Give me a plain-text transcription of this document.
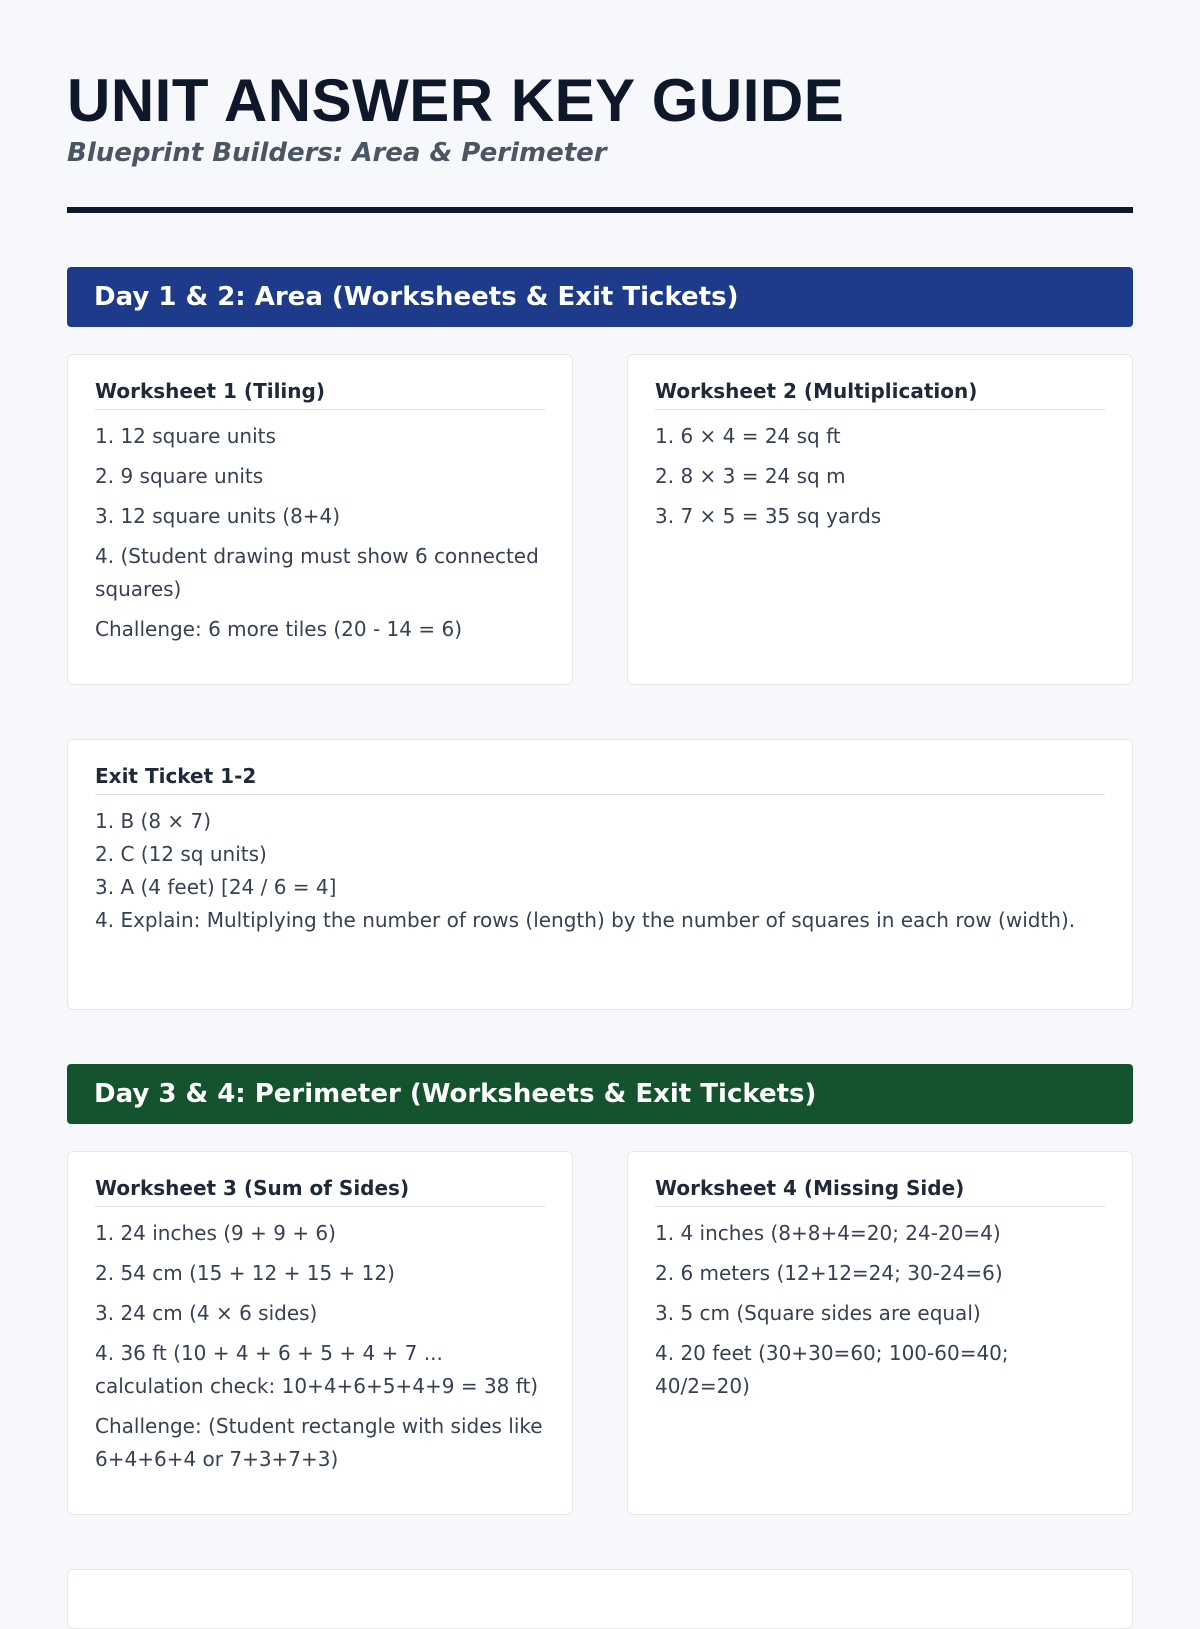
UNIT ANSWER KEY GUIDE
Blueprint Builders: Area & Perimeter
Day 1 & 2: Area (Worksheets & Exit Tickets)
Worksheet 1 (Tiling)
1. 12 square units
2. 9 square units
3. 12 square units (8+4)
4. (Student drawing must show 6 connected squares)
Challenge: 6 more tiles (20 - 14 = 6)
Worksheet 2 (Multiplication)
1. 6 × 4 = 24 sq ft
2. 8 × 3 = 24 sq m
3. 7 × 5 = 35 sq yards
Exit Ticket 1-2
1. B (8 × 7)
2. C (12 sq units)
3. A (4 feet) [24 / 6 = 4]
4. Explain: Multiplying the number of rows (length) by the number of squares in each row (width).
Day 3 & 4: Perimeter (Worksheets & Exit Tickets)
Worksheet 3 (Sum of Sides)
1. 24 inches (9 + 9 + 6)
2. 54 cm (15 + 12 + 15 + 12)
3. 24 cm (4 × 6 sides)
4. 36 ft (10 + 4 + 6 + 5 + 4 + 7 ... calculation check: 10+4+6+5+4+9 = 38 ft)
Challenge: (Student rectangle with sides like 6+4+6+4 or 7+3+7+3)
Worksheet 4 (Missing Side)
1. 4 inches (8+8+4=20; 24-20=4)
2. 6 meters (12+12=24; 30-24=6)
3. 5 cm (Square sides are equal)
4. 20 feet (30+30=60; 100-60=40; 40/2=20)
